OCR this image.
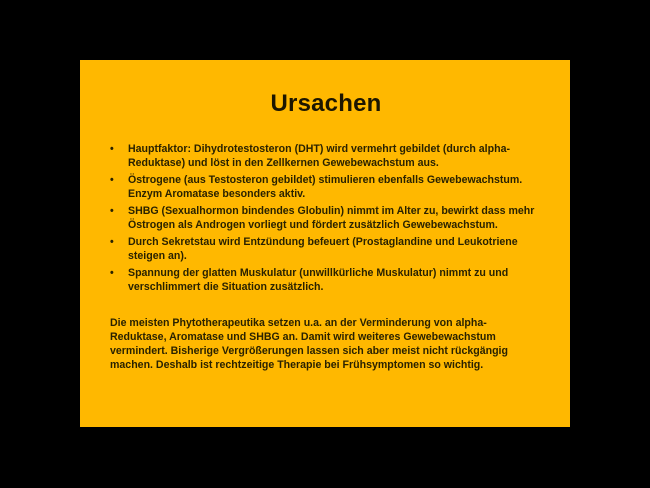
Ursachen
• Hauptfaktor: Dihydrotestosteron (DHT) wird vermehrt gebildet (durch alpha-Reduktase) und löst in den Zellkernen Gewebewachstum aus.
• Östrogene (aus Testosteron gebildet) stimulieren ebenfalls Gewebewachstum. Enzym Aromatase besonders aktiv.
• SHBG (Sexualhormon bindendes Globulin) nimmt im Alter zu, bewirkt dass mehr Östrogen als Androgen vorliegt und fördert zusätzlich Gewebewachstum.
• Durch Sekretstau wird Entzündung befeuert (Prostaglandine und Leukotriene steigen an).
• Spannung der glatten Muskulatur (unwillkürliche Muskulatur) nimmt zu und verschlimmert die Situation zusätzlich.
Die meisten Phytotherapeutika setzen u.a. an der Verminderung von alpha-Reduktase, Aromatase und SHBG an. Damit wird weiteres Gewebewachstum vermindert. Bisherige Vergrößerungen lassen sich aber meist nicht rückgängig machen. Deshalb ist rechtzeitige Therapie bei Frühsymptomen so wichtig.
